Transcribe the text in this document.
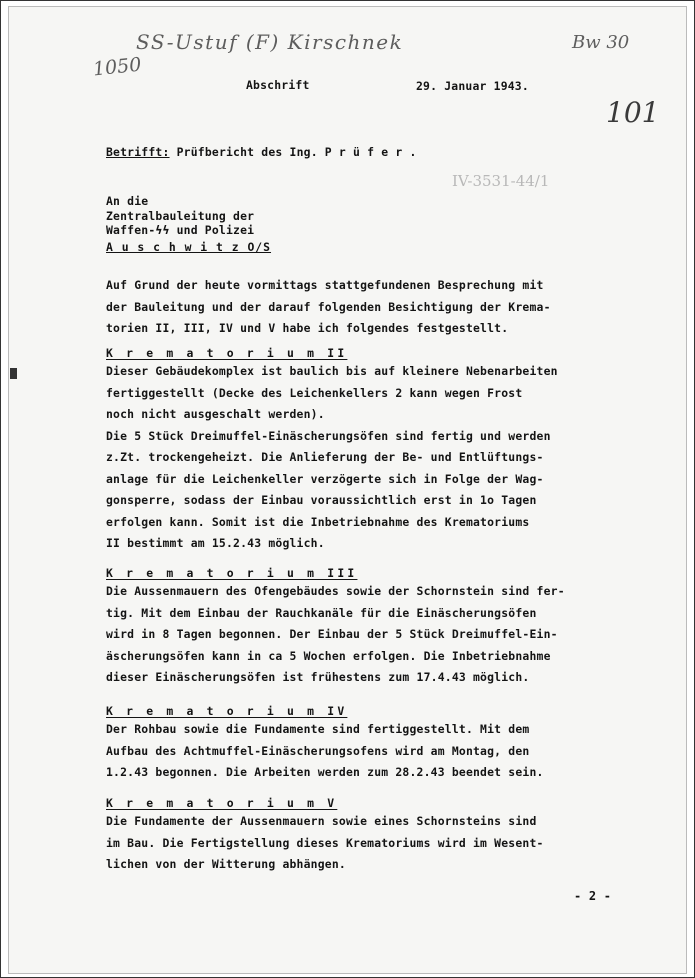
SS-Ustuf (F) Kirschnek	Bw 30
1050
101
IV-3531-44/1
Abschrift	29. Januar 1943.
Betrifft: Prüfbericht des Ing. P r ü f e r .
An die
Zentralbauleitung der
Waffen-ϟϟ und Polizei
A u s c h w i t z O/S
Auf Grund der heute vormittags stattgefundenen Besprechung mit
der Bauleitung und der darauf folgenden Besichtigung der Krema-
torien II, III, IV und V habe ich folgendes festgestellt.
K r e m a t o r i u m II
Dieser Gebäudekomplex ist baulich bis auf kleinere Nebenarbeiten
fertiggestellt (Decke des Leichenkellers 2 kann wegen Frost
noch nicht ausgeschalt werden).
Die 5 Stück Dreimuffel-Einäscherungsöfen sind fertig und werden
z.Zt. trockengeheizt. Die Anlieferung der Be- und Entlüftungs-
anlage für die Leichenkeller verzögerte sich in Folge der Wag-
gonsperre, sodass der Einbau voraussichtlich erst in 1o Tagen
erfolgen kann. Somit ist die Inbetriebnahme des Krematoriums
II bestimmt am 15.2.43 möglich.
K r e m a t o r i u m III
Die Aussenmauern des Ofengebäudes sowie der Schornstein sind fer-
tig. Mit dem Einbau der Rauchkanäle für die Einäscherungsöfen
wird in 8 Tagen begonnen. Der Einbau der 5 Stück Dreimuffel-Ein-
äscherungsöfen kann in ca 5 Wochen erfolgen. Die Inbetriebnahme
dieser Einäscherungsöfen ist frühestens zum 17.4.43 möglich.
K r e m a t o r i u m IV
Der Rohbau sowie die Fundamente sind fertiggestellt. Mit dem
Aufbau des Achtmuffel-Einäscherungsofens wird am Montag, den
1.2.43 begonnen. Die Arbeiten werden zum 28.2.43 beendet sein.
K r e m a t o r i u m V
Die Fundamente der Aussenmauern sowie eines Schornsteins sind
im Bau. Die Fertigstellung dieses Krematoriums wird im Wesent-
lichen von der Witterung abhängen.
- 2 -
